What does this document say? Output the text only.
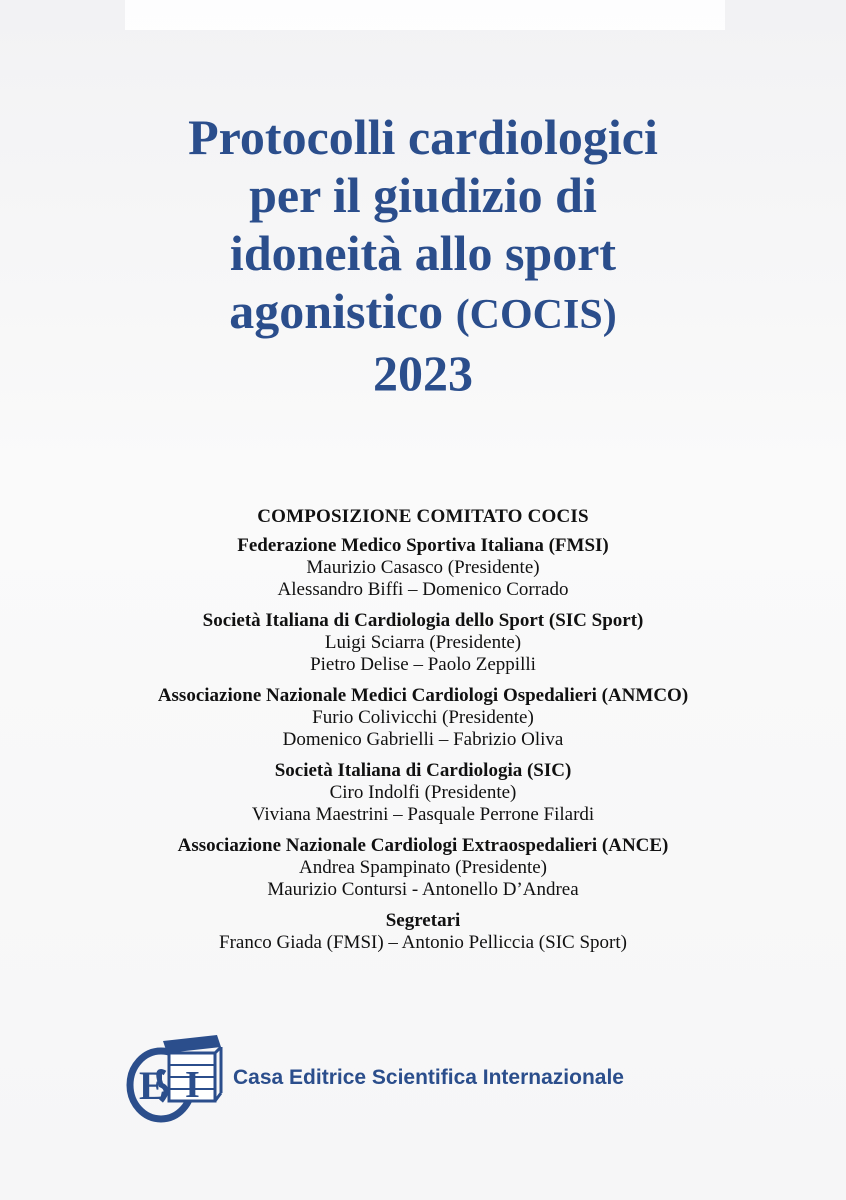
Protocolli cardiologici
per il giudizio di
idoneità allo sport
agonistico (COCIS)
2023
COMPOSIZIONE COMITATO COCIS
Federazione Medico Sportiva Italiana (FMSI)
Maurizio Casasco (Presidente)
Alessandro Biffi – Domenico Corrado
Società Italiana di Cardiologia dello Sport (SIC Sport)
Luigi Sciarra (Presidente)
Pietro Delise – Paolo Zeppilli
Associazione Nazionale Medici Cardiologi Ospedalieri (ANMCO)
Furio Colivicchi (Presidente)
Domenico Gabrielli – Fabrizio Oliva
Società Italiana di Cardiologia (SIC)
Ciro Indolfi (Presidente)
Viviana Maestrini – Pasquale Perrone Filardi
Associazione Nazionale Cardiologi Extraospedalieri (ANCE)
Andrea Spampinato (Presidente)
Maurizio Contursi - Antonello D’Andrea
Segretari
Franco Giada (FMSI) – Antonio Pelliccia (SIC Sport)
E I Casa Editrice Scientifica Internazionale
